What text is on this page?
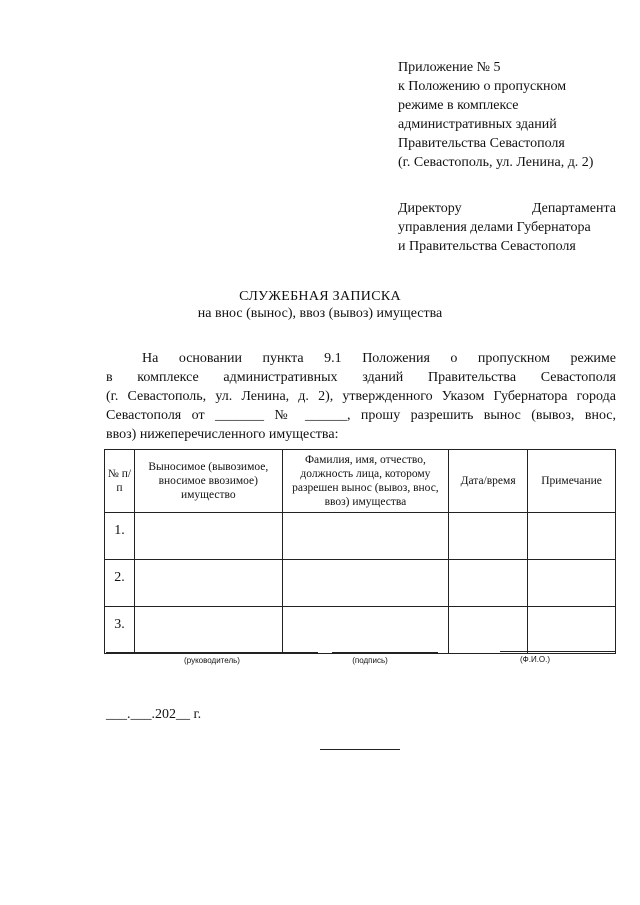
Приложение № 5
к Положению о пропускном
режиме в комплексе
административных зданий
Правительства Севастополя
(г. Севастополь, ул. Ленина, д. 2)
Директору Департамента
управления делами Губернатора
и Правительства Севастополя
СЛУЖЕБНАЯ ЗАПИСКА
на внос (вынос), ввоз (вывоз) имущества
На основании пункта 9.1 Положения о пропускном режиме
в комплексе административных зданий Правительства Севастополя
(г. Севастополь, ул. Ленина, д. 2), утвержденного Указом Губернатора города
Севастополя от _______ № ______, прошу разрешить вынос (вывоз, внос,
ввоз) нижеперечисленного имущества:
№ п/п	Выносимое (вывозимое, вносимое ввозимое) имущество	Фамилия, имя, отчество, должность лица, которому разрешен вынос (вывоз, внос, ввоз) имущества	Дата/время	Примечание
1.				
2.				
3.				
(руководитель)	(подпись)	(Ф.И.О.)
___.___.202__ г.
